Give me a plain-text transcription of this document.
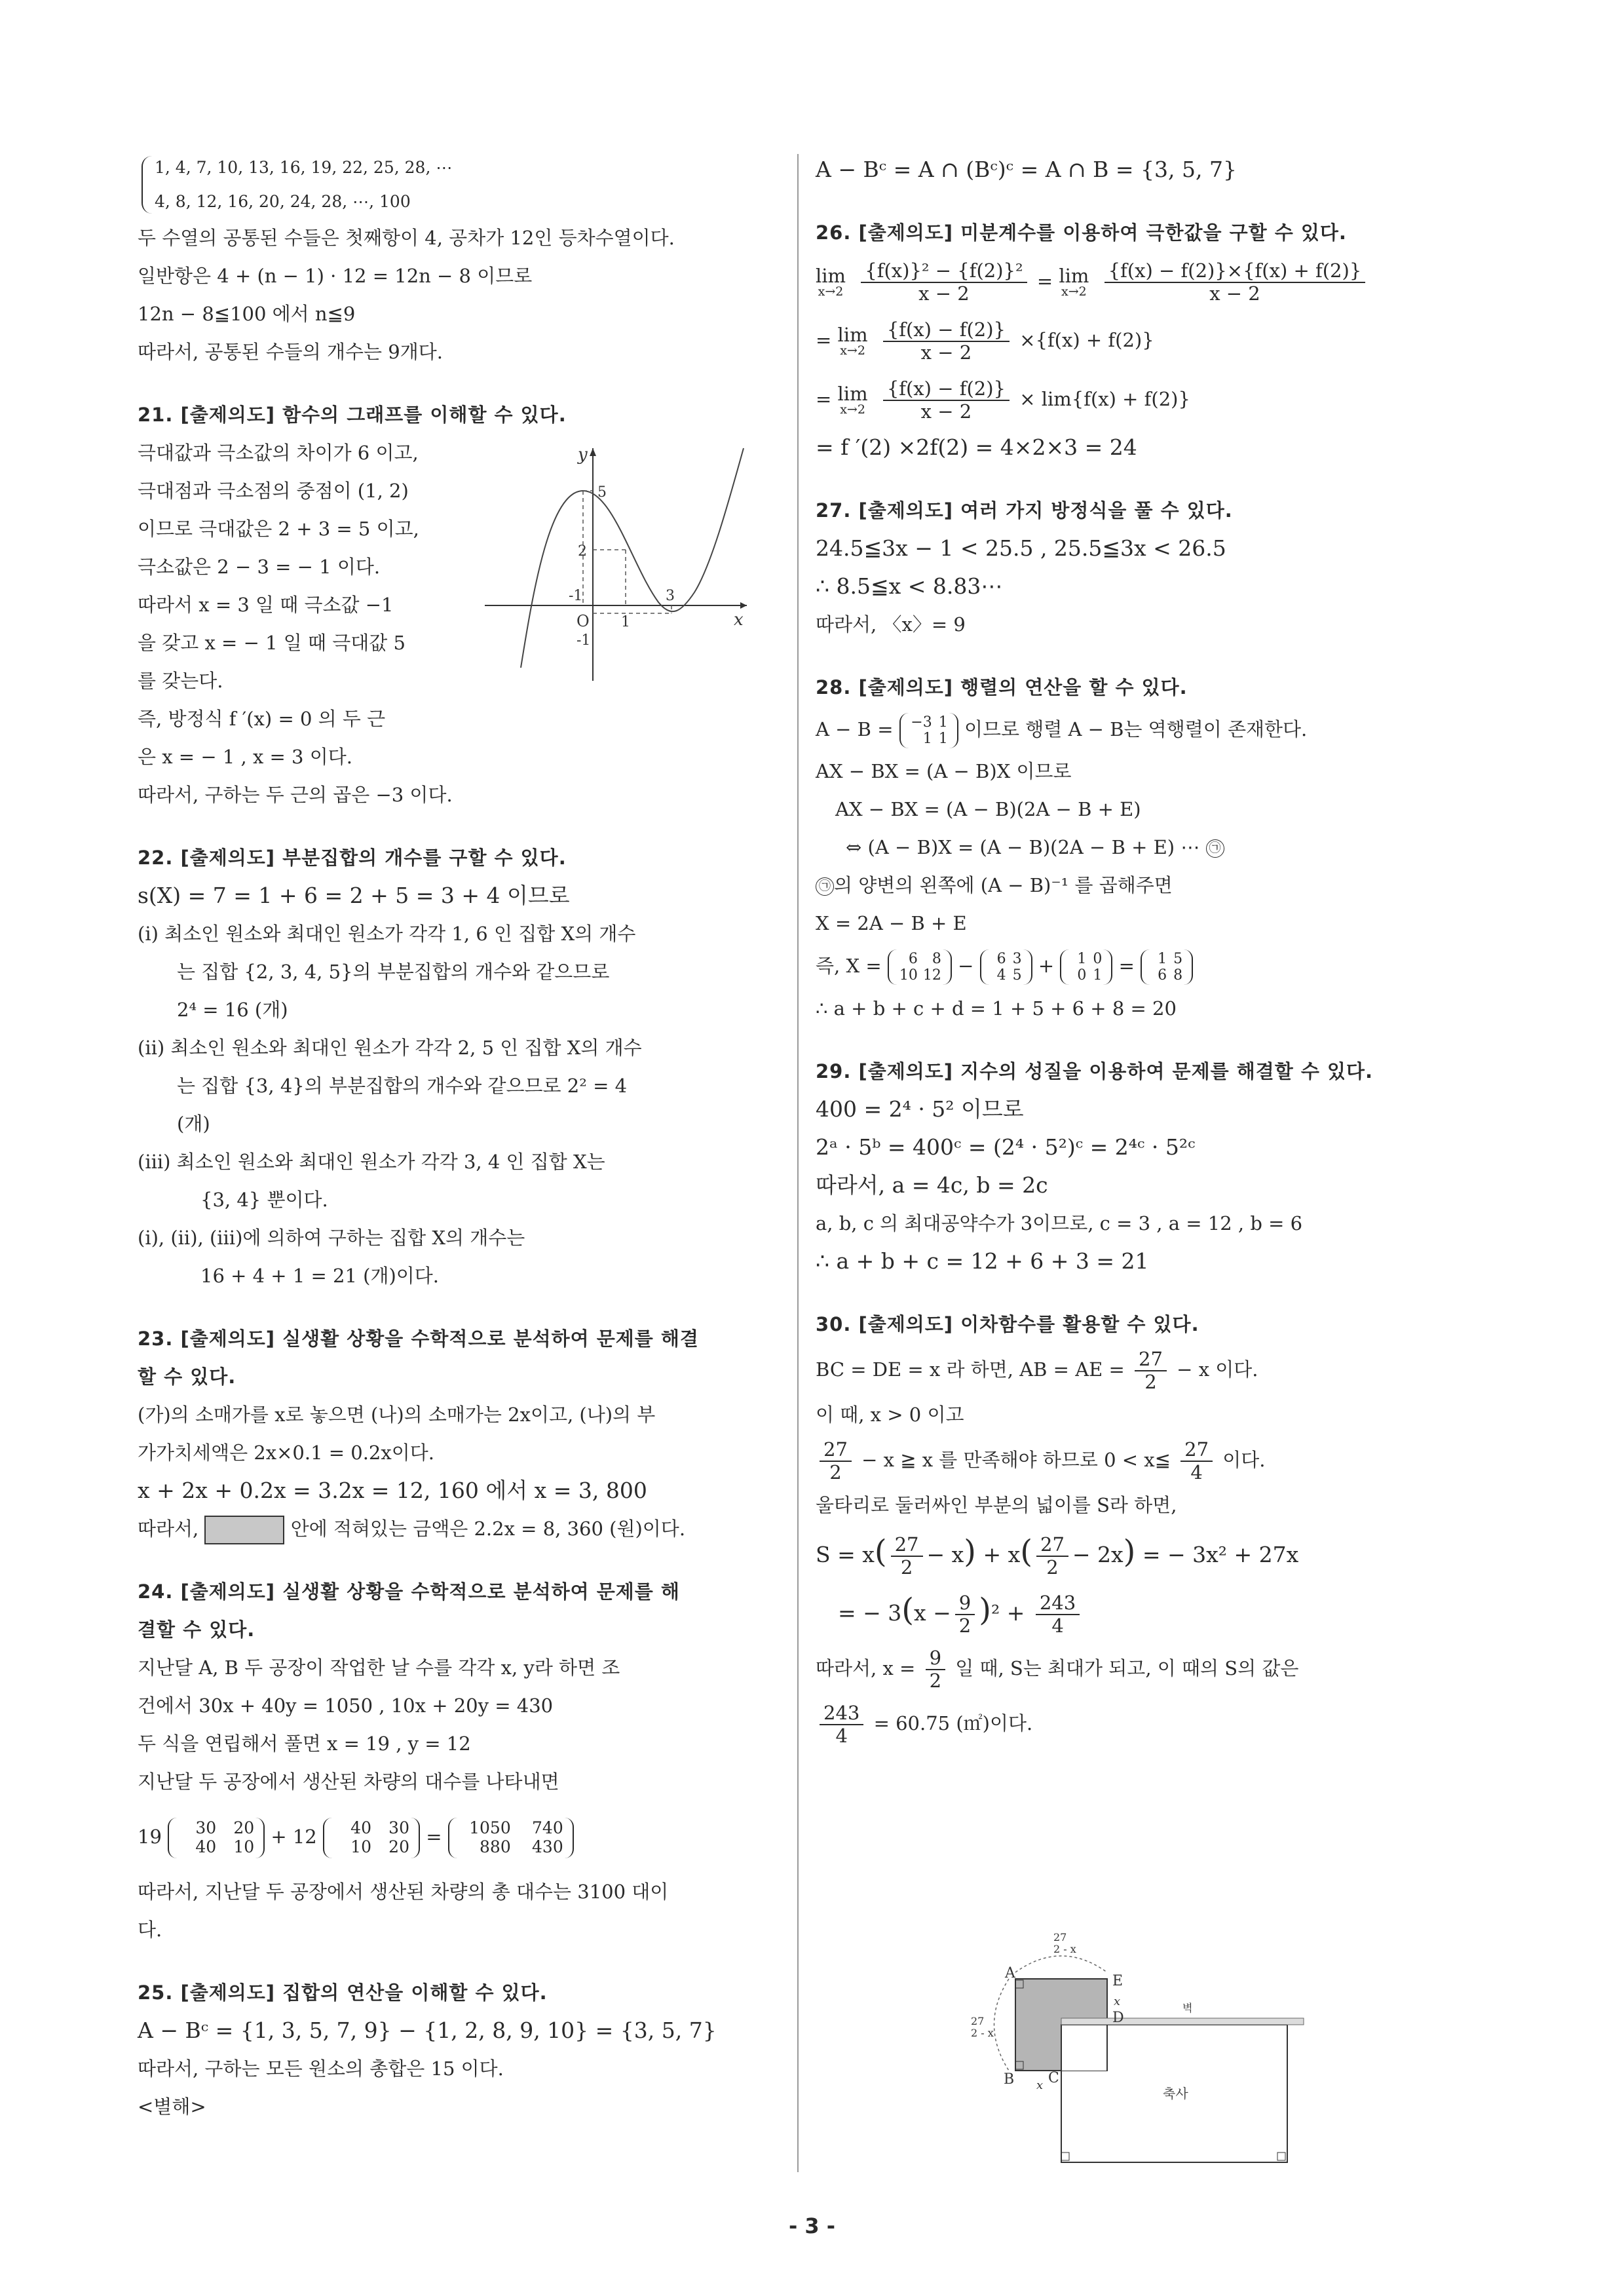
1, 4, 7, 10, 13, 16, 19, 22, 25, 28, ⋯

4, 8, 12, 16, 20, 24, 28, ⋯, 100

두 수열의 공통된 수들은 첫째항이 4, 공차가 12인 등차수열이다.

일반항은 4 + (n − 1) · 12 = 12n − 8 이므로

12n − 8≦100 에서 n≦9

따라서, 공통된 수들의 개수는 9개다.

21. [출제의도] 함수의 그래프를 이해할 수 있다.

극대값과 극소값의 차이가 6 이고,

극대점과 극소점의 중점이 (1, 2)

이므로 극대값은 2 + 3 = 5 이고,

극소값은 2 − 3 = − 1 이다.

따라서 x = 3 일 때 극소값 −1

을 갖고 x = − 1 일 때 극대값 5

를 갖는다.

즉, 방정식 f ′(x) = 0 의 두 근

은 x = − 1 , x = 3 이다.

따라서, 구하는 두 근의 곱은 −3 이다.

y
x
O
5
2
-1
1
3
-1

22. [출제의도] 부분집합의 개수를 구할 수 있다.

s(X) = 7 = 1 + 6 = 2 + 5 = 3 + 4 이므로

(ⅰ) 최소인 원소와 최대인 원소가 각각 1, 6 인 집합 X의 개수

는 집합 {2, 3, 4, 5}의 부분집합의 개수와 같으므로

2⁴ = 16 (개)

(ⅱ) 최소인 원소와 최대인 원소가 각각 2, 5 인 집합 X의 개수

는 집합 {3, 4}의 부분집합의 개수와 같으므로 2² = 4

(개)

(ⅲ) 최소인 원소와 최대인 원소가 각각 3, 4 인 집합 X는

{3, 4} 뿐이다.

(ⅰ), (ⅱ), (ⅲ)에 의하여 구하는 집합 X의 개수는

16 + 4 + 1 = 21 (개)이다.

23. [출제의도] 실생활 상황을 수학적으로 분석하여 문제를 해결

할 수 있다.

(가)의 소매가를 x로 놓으면 (나)의 소매가는 2x이고, (나)의 부

가가치세액은 2x×0.1 = 0.2x이다.

x + 2x + 0.2x = 3.2x = 12, 160 에서 x = 3, 800

따라서,	안에 적혀있는 금액은 2.2x = 8, 360 (원)이다.

24. [출제의도] 실생활 상황을 수학적으로 분석하여 문제를 해

결할 수 있다.

지난달 A, B 두 공장이 작업한 날 수를 각각 x, y라 하면 조

건에서 30x + 40y = 1050 , 10x + 20y = 430

두 식을 연립해서 풀면 x = 19 , y = 12

지난달 두 공장에서 생산된 차량의 대수를 나타내면

19	30 20
40 10 + 12	40 30
10 20 =	1050 740
880 430

따라서, 지난달 두 공장에서 생산된 차량의 총 대수는 3100 대이

다.

25. [출제의도] 집합의 연산을 이해할 수 있다.

A − Bᶜ = {1, 3, 5, 7, 9} − {1, 2, 8, 9, 10} = {3, 5, 7}

따라서, 구하는 모든 원소의 총합은 15 이다.

<별해>

A − Bᶜ = A ∩ (Bᶜ)ᶜ = A ∩ B = {3, 5, 7}

26. [출제의도] 미분계수를 이용하여 극한값을 구할 수 있다.

lim
x→2
$\frac{\text{\{f(x)\}² − \{f(2)\}²}}{x - 2} = \lim$
x→2
$\frac{\{f(x) - f(2)\}\times\{f(x) + f(2)\}}{x - 2}$
= lim
x→2
$\frac{\{f(x) - f(2)\}}{x - 2} \times\{f(x) + f(2)\}$
= lim
x→2
$\frac{\{f(x) - f(2)\}}{x - 2} \times \lim\{f(x) + f(2)\}$

= f ′(2) ×2f(2) = 4×2×3 = 24

27. [출제의도] 여러 가지 방정식을 풀 수 있다.

24.5≦3x − 1 < 25.5 , 25.5≦3x < 26.5

∴ 8.5≦x < 8.83⋯

따라서, 〈x〉= 9

28. [출제의도] 행렬의 연산을 할 수 있다.

A − B = −3 1
1 1 이므로 행렬 A − B는 역행렬이 존재한다.

AX − BX = (A − B)X 이므로

AX − BX = (A − B)(2A − B + E)

⇔ (A − B)X = (A − B)(2A − B + E) ⋯ ㉠

㉠ 의 양변의 왼쪽에 (A − B)⁻¹ 를 곱해주면

X = 2A − B + E

즉, X =	6 8
10 12 −	6 3
4 5 +	1 0
0 1 =	1 5
6 8

∴ a + b + c + d = 1 + 5 + 6 + 8 = 20

29. [출제의도] 지수의 성질을 이용하여 문제를 해결할 수 있다.

400 = 2⁴ · 5² 이므로

2ᵃ · 5ᵇ = 400ᶜ = (2⁴ · 5²)ᶜ = 2⁴ᶜ · 5²ᶜ

따라서, a = 4c, b = 2c

a, b, c 의 최대공약수가 3이므로, c = 3 , a = 12 , b = 6

∴ a + b + c = 12 + 6 + 3 = 21

30. [출제의도] 이차함수를 활용할 수 있다.

BC = DE = x 라 하면, AB = AE = $\frac{27}{2} - x$ 이다.

이 때, x > 0 이고

$\frac{27}{2} - x$ ≧ x 를 만족해야 하므로 0 < x≦ $\frac{27}{4}$ 이다.

울타리로 둘러싸인 부분의 넓이를 S라 하면,

$S = x( \frac{27}{2} - x) + x( \frac{27}{2} - 2x)$ = − 3x² + 27x
= − $3(x - \frac{9}{2} )^2 + \frac{243}{4}$
따라서, $x = \frac{9}{2}$ 일 때, S는 최대가 되고, 이 때의 S의 값은
$\frac{243}{4} = 60.75$ (㎡)이다.
A	E
D
B C
x
x
27
2 - x
27
2 - x
벽
축사
- 3 -
